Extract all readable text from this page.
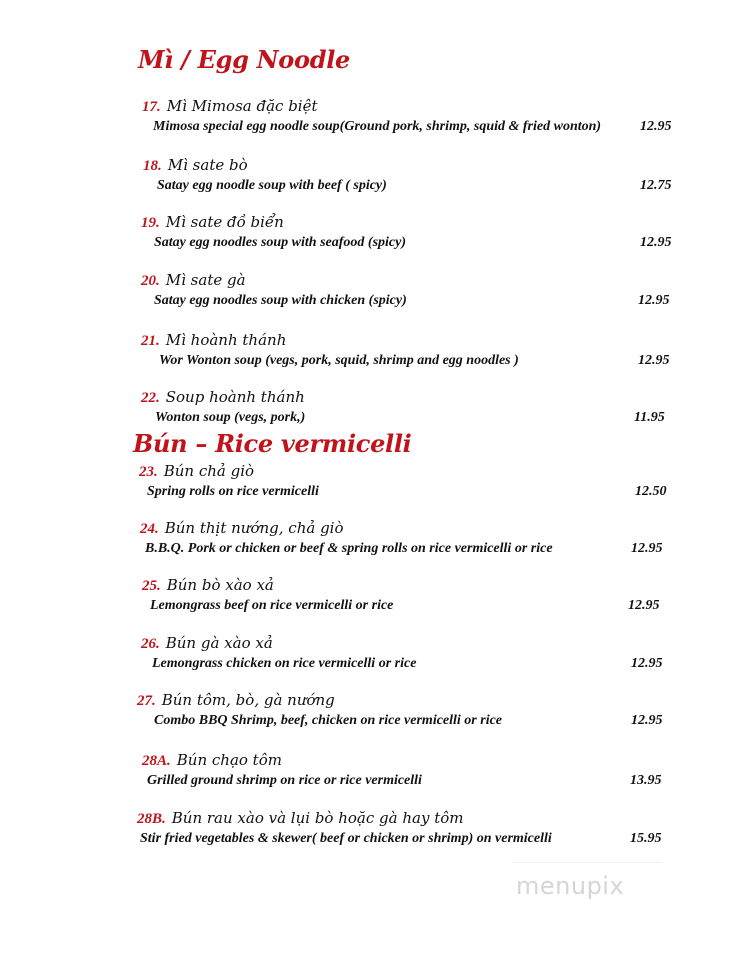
Mì / Egg Noodle
17. Mì Mimosa đặc biệt
Mimosa special egg noodle soup(Ground pork, shrimp, squid & fried wonton)	12.95
18. Mì sate bò
Satay egg noodle soup with beef ( spicy)	12.75
19. Mì sate đồ biển
Satay egg noodles soup with seafood (spicy)	12.95
20. Mì sate gà
Satay egg noodles soup with chicken (spicy)	12.95
21. Mì hoành thánh
Wor Wonton soup (vegs, pork, squid, shrimp and egg noodles )	12.95
22. Soup hoành thánh
Wonton soup (vegs, pork,)	11.95
Bún – Rice vermicelli
23. Bún chả giò
Spring rolls on rice vermicelli	12.50
24. Bún thịt nướng, chả giò
B.B.Q. Pork or chicken or beef & spring rolls on rice vermicelli or rice	12.95
25. Bún bò xào xả
Lemongrass beef on rice vermicelli or rice	12.95
26. Bún gà xào xả
Lemongrass chicken on rice vermicelli or rice	12.95
27. Bún tôm, bò, gà nướng
Combo BBQ Shrimp, beef, chicken on rice vermicelli or rice	12.95
28A. Bún chạo tôm
Grilled ground shrimp on rice or rice vermicelli	13.95
28B. Bún rau xào và lụi bò hoặc gà hay tôm
Stir fried vegetables & skewer( beef or chicken or shrimp) on vermicelli	15.95
menupix
